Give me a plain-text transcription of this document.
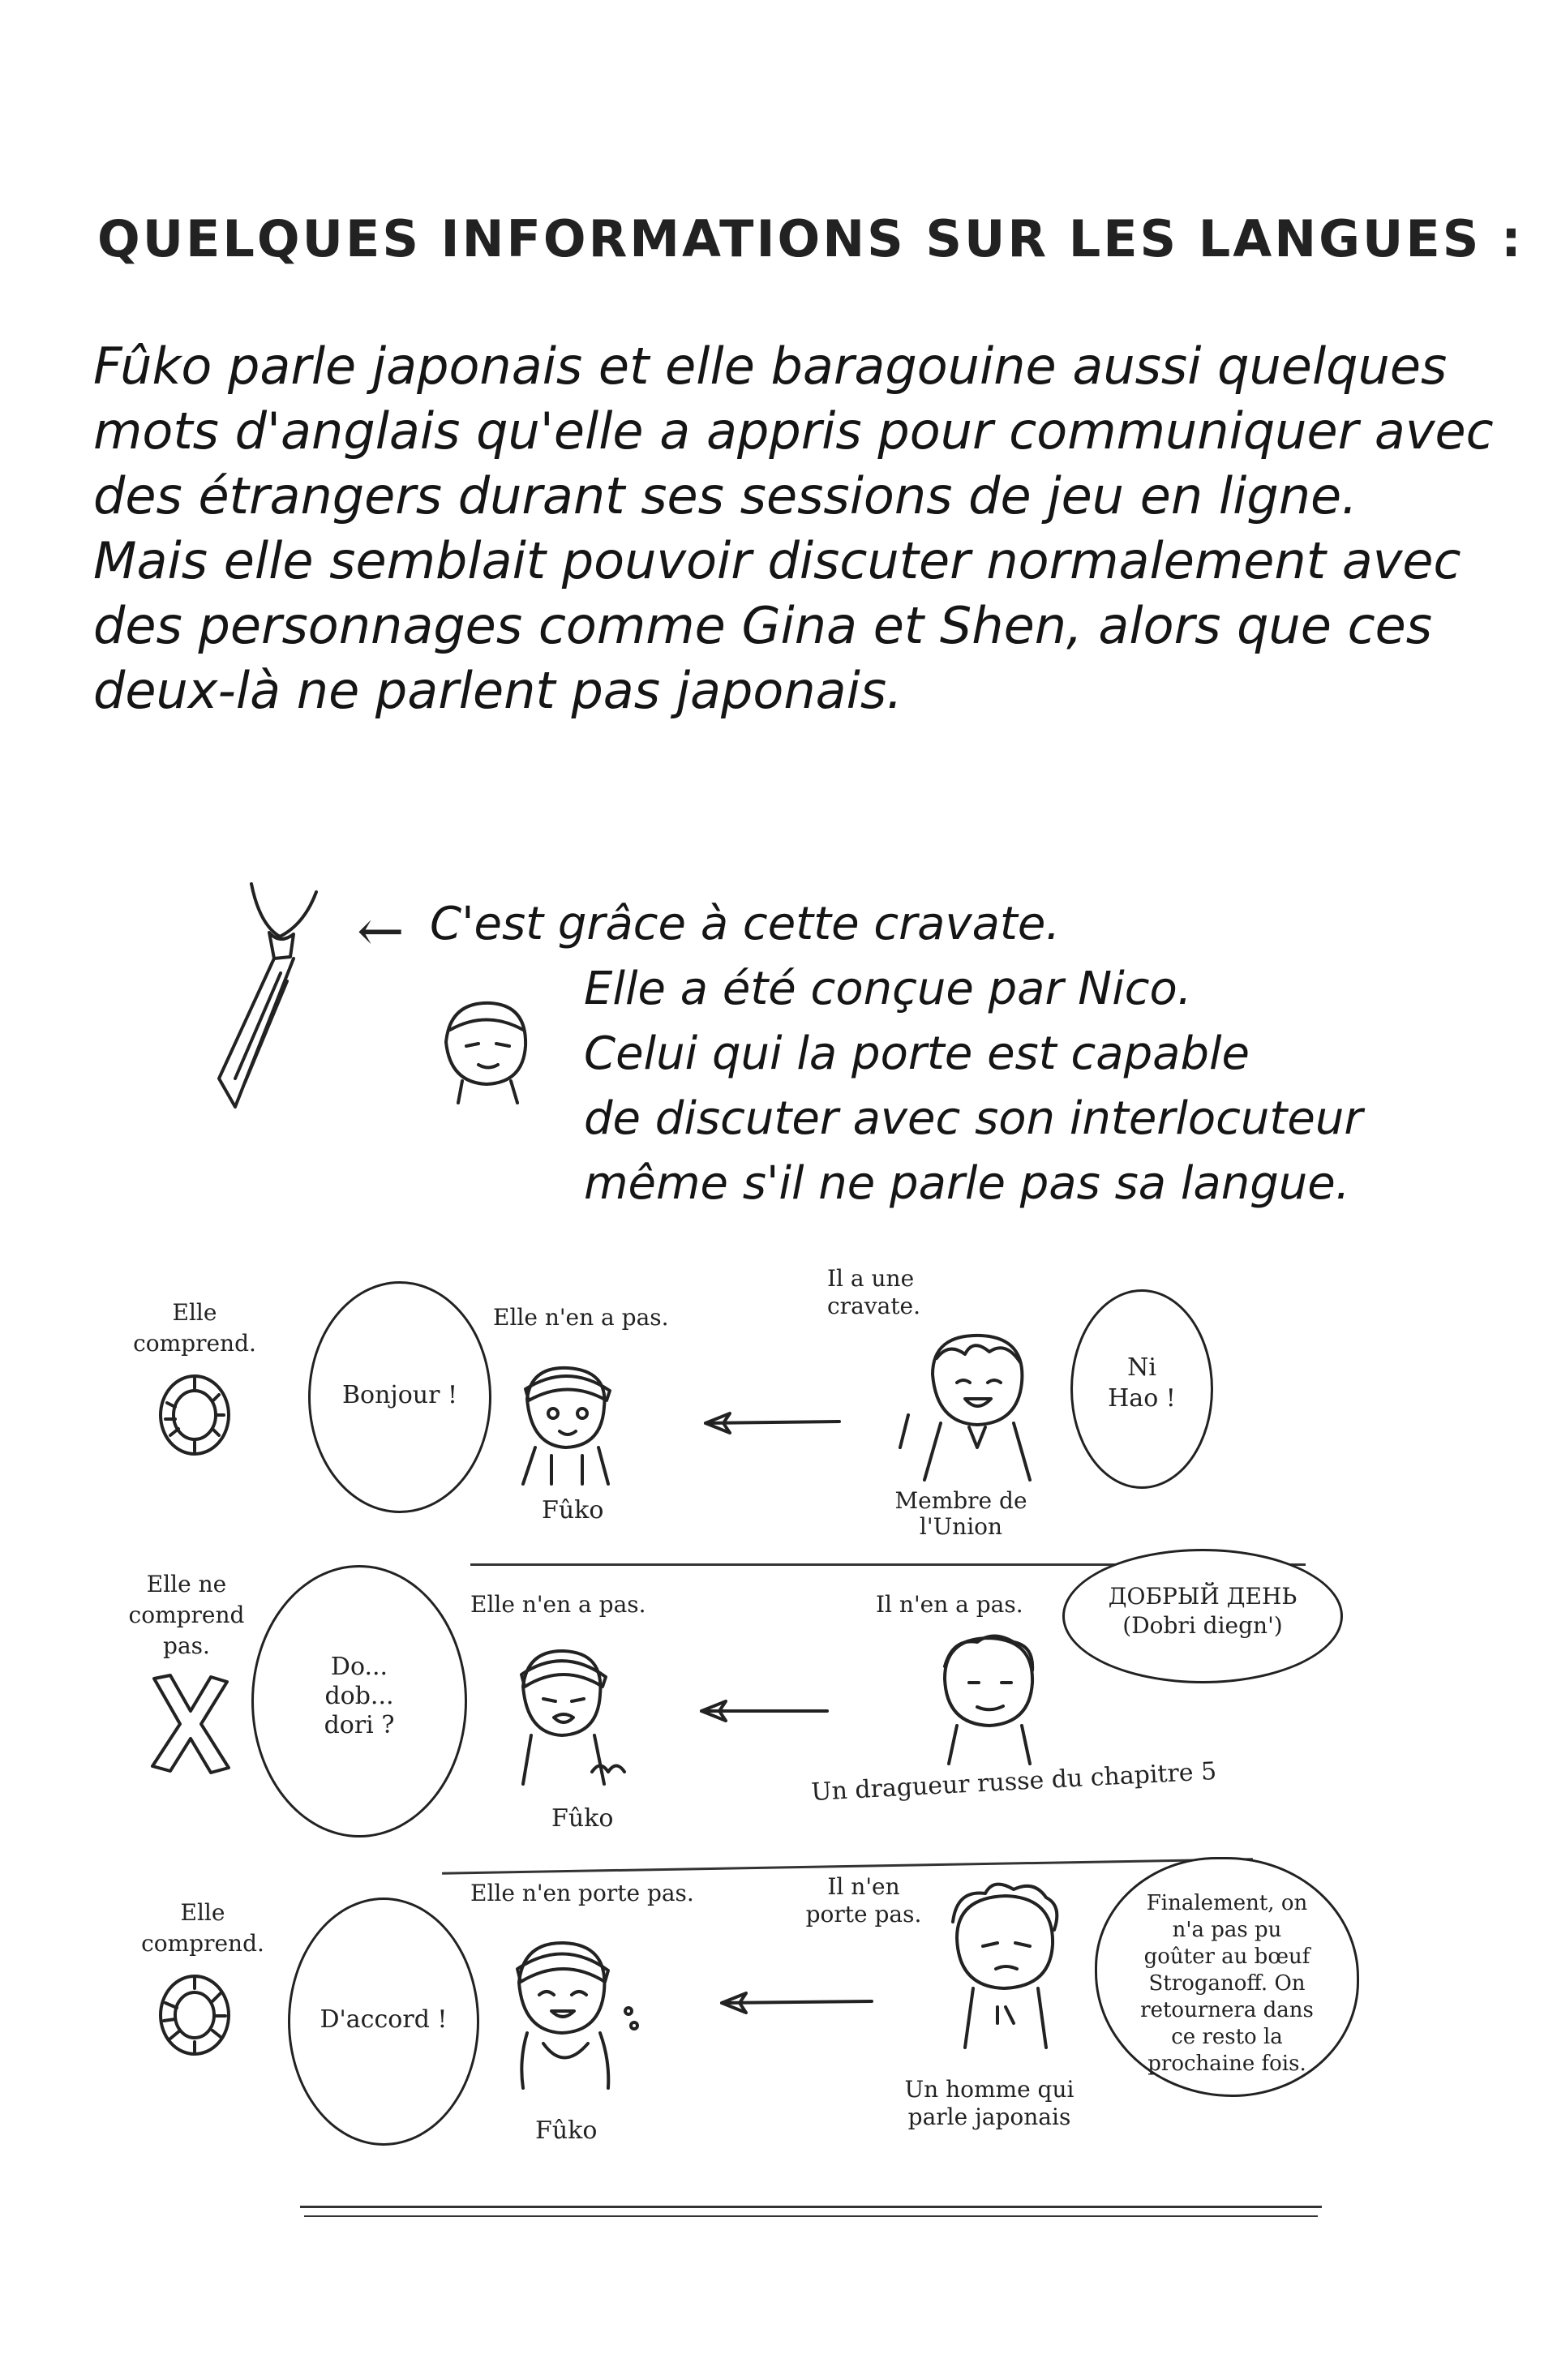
QUELQUES INFORMATIONS SUR LES LANGUES :
Fûko parle japonais et elle baragouine aussi quelques
mots d'anglais qu'elle a appris pour communiquer avec
des étrangers durant ses sessions de jeu en ligne.
Mais elle semblait pouvoir discuter normalement avec
des personnages comme Gina et Shen, alors que ces
deux-là ne parlent pas japonais.
← C'est grâce à cette cravate.
Elle a été conçue par Nico.
Celui qui la porte est capable
de discuter avec son interlocuteur
même s'il ne parle pas sa langue.
Elle comprend.
Bonjour !
Elle n'en a pas.
Fûko
Il a une cravate.
Membre de l'Union
Ni Hao !
Elle ne comprend pas.
Do... dob... dori ?
Elle n'en a pas.
Fûko
Il n'en a pas.
Un dragueur russe du chapitre 5
ДОБРЫЙ ДЕНЬ (Dobri diegn')
Elle comprend.
D'accord !
Elle n'en porte pas.
Fûko
Il n'en porte pas.
Un homme qui parle japonais
Finalement, on n'a pas pu goûter au bœuf Stroganoff. On retournera dans ce resto la prochaine fois.
